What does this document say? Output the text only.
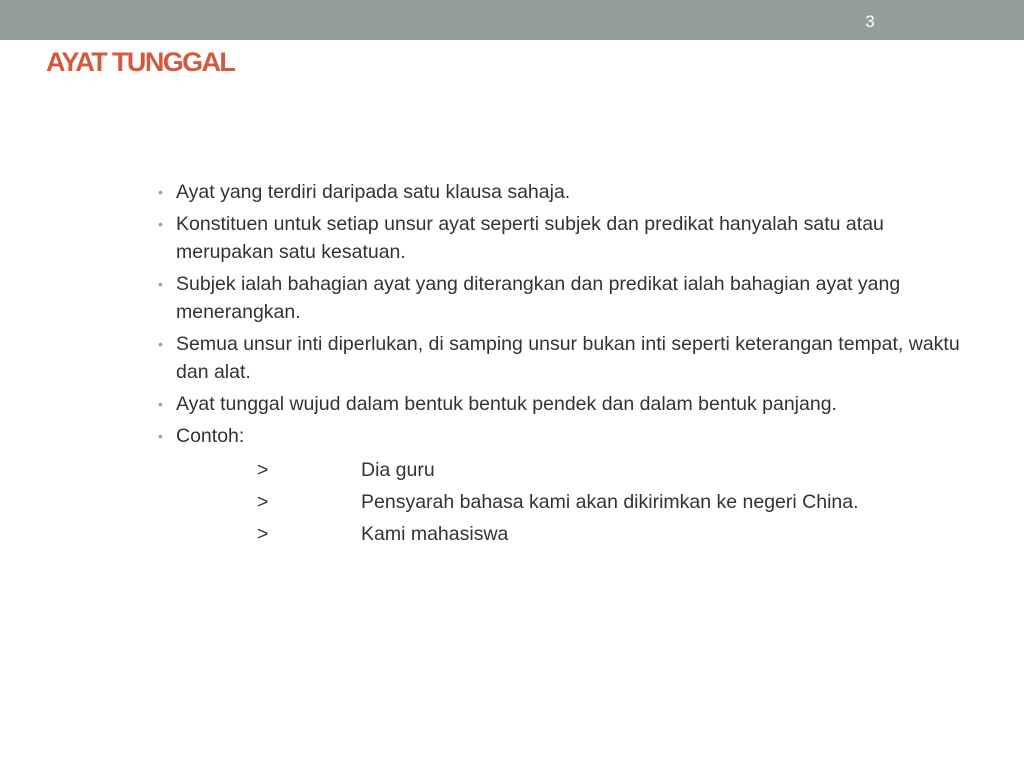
3
AYAT TUNGGAL
• Ayat yang terdiri daripada satu klausa sahaja.
• Konstituen untuk setiap unsur ayat seperti subjek dan predikat hanyalah satu atau merupakan satu kesatuan.
• Subjek ialah bahagian ayat yang diterangkan dan predikat ialah bahagian ayat yang menerangkan.
• Semua unsur inti diperlukan, di samping unsur bukan inti seperti keterangan tempat, waktu dan alat.
• Ayat tunggal wujud dalam bentuk bentuk pendek dan dalam bentuk panjang.
• Contoh:
>	Dia guru
>	Pensyarah bahasa kami akan dikirimkan ke negeri China.
>	Kami mahasiswa
